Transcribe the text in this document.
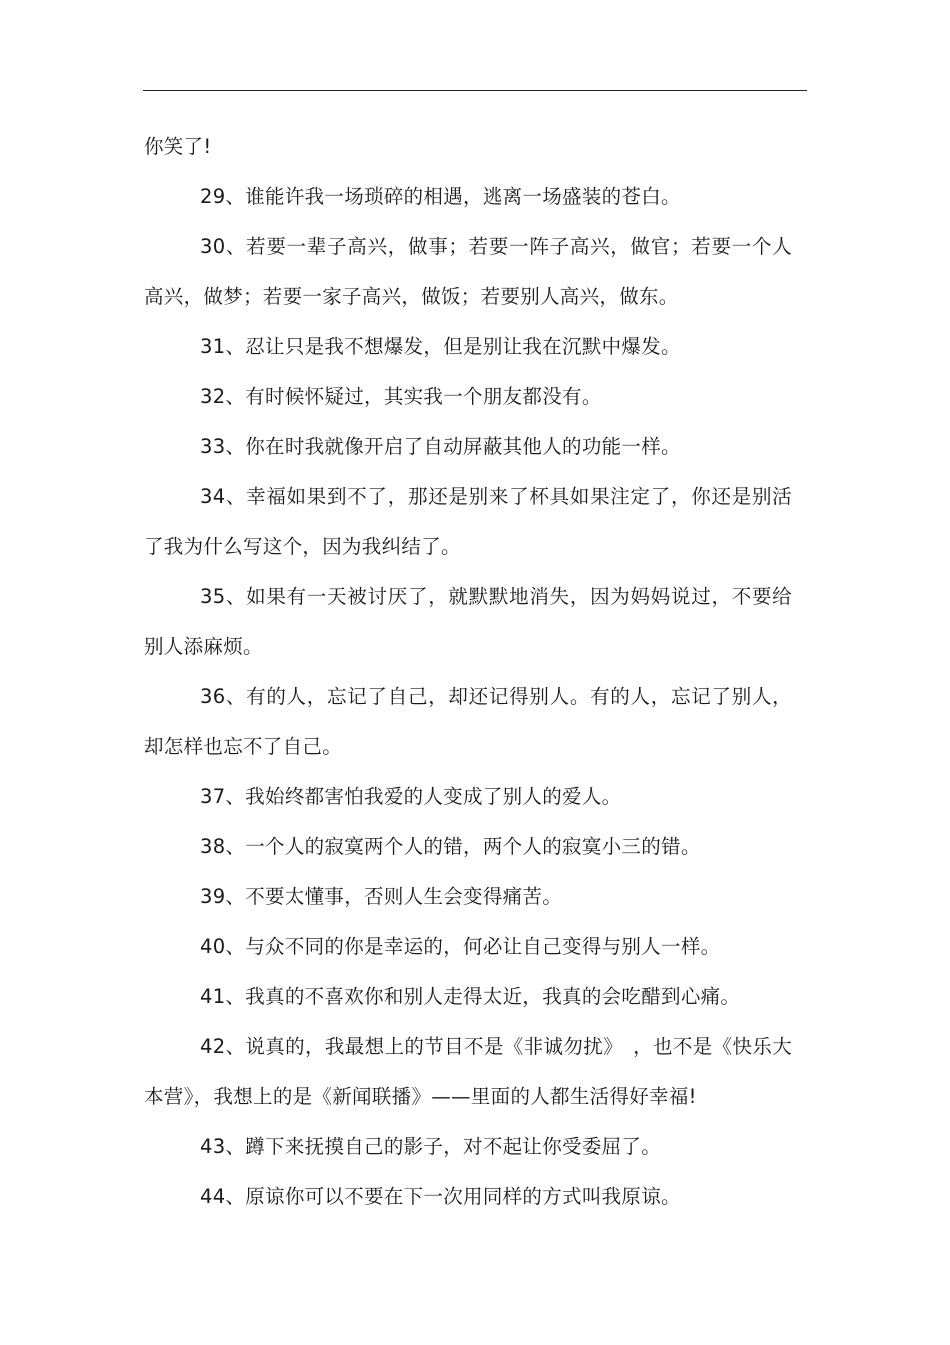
你笑了!

29、谁能许我一场琐碎的相遇，逃离一场盛装的苍白。

30、若要一辈子高兴，做事；若要一阵子高兴，做官；若要一个人高兴，做梦；若要一家子高兴，做饭；若要别人高兴，做东。

31、忍让只是我不想爆发，但是别让我在沉默中爆发。

32、有时候怀疑过，其实我一个朋友都没有。

33、你在时我就像开启了自动屏蔽其他人的功能一样。

34、幸福如果到不了，那还是别来了杯具如果注定了，你还是别活了我为什么写这个，因为我纠结了。

35、如果有一天被讨厌了，就默默地消失，因为妈妈说过，不要给别人添麻烦。

36、有的人，忘记了自己，却还记得别人。有的人，忘记了别人，却怎样也忘不了自己。

37、我始终都害怕我爱的人变成了别人的爱人。

38、一个人的寂寞两个人的错，两个人的寂寞小三的错。

39、不要太懂事，否则人生会变得痛苦。

40、与众不同的你是幸运的，何必让自己变得与别人一样。

41、我真的不喜欢你和别人走得太近，我真的会吃醋到心痛。

42、说真的，我最想上的节目不是《非诚勿扰》　，也不是《快乐大本营》，我想上的是《新闻联播》——里面的人都生活得好幸福!

43、蹲下来抚摸自己的影子，对不起让你受委屈了。

44、原谅你可以不要在下一次用同样的方式叫我原谅。
